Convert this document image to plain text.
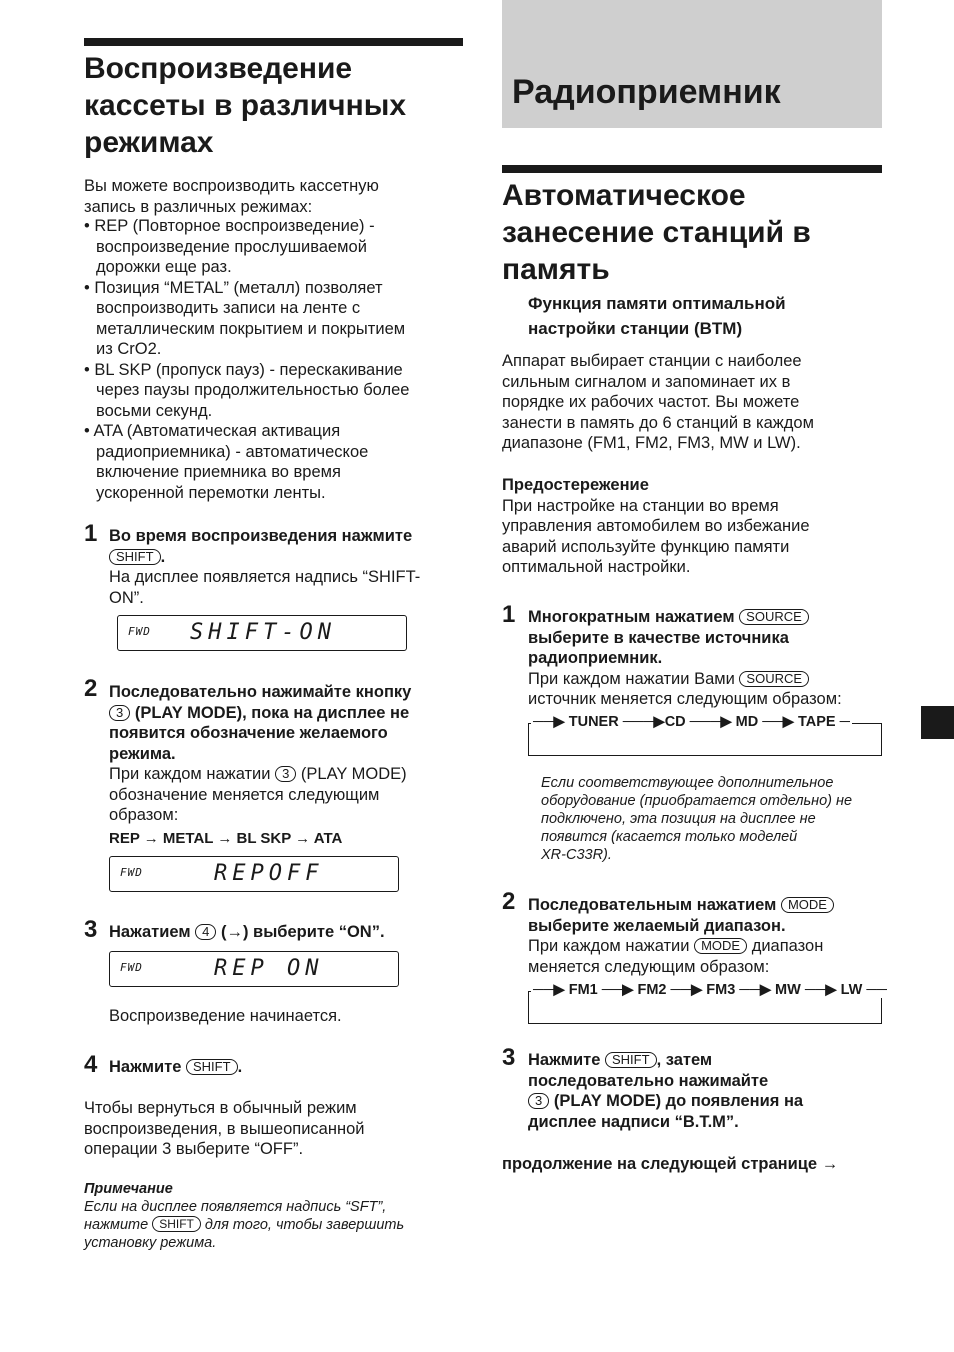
Воспроизведение
кассеты в различных
режимах
Вы можете воспроизводить кассетную
запись в различных режимах:
• REP (Повторное воспроизведение) -
воспроизведение прослушиваемой
дорожки еще раз.
• Позиция “METAL” (металл) позволяет
воспроизводить записи на ленте с
металлическим покрытием и покрытием
из CrO2.
• BL SKP (пропуск пауз) - перескакивание
через паузы продолжительностью более
восьми секунд.
• ATA (Автоматическая активация
радиоприемника) - автоматическое
включение приемника во время
ускоренной перемотки ленты.
1 Во время воспроизведения нажмите
SHIFT .
На дисплее появляется надпись “SHIFT-
ON”.
FWD SHIFT-ON
2 Последовательно нажимайте кнопку
3 (PLAY MODE), пока на дисплее не
появится обозначение желаемого
режима.
При каждом нажатии 3 (PLAY MODE)
обозначение меняется следующим
образом:
REP → METAL → BL SKP → ATA
FWD	REPOFF
3 Нажатием 4 (→) выберите “ON”.
FWD	REP ON
Воспроизведение начинается.
4 Нажмите SHIFT .
Чтобы вернуться в обычный режим
воспроизведения, в вышеописанной
операции 3 выберите “OFF”.
Примечание
Если на дисплее появляется надпись “SFT”,
нажмите SHIFT для того, чтобы завершить
установку режима.
Радиоприемник
Автоматическое
занесение станций в
память
Функция памяти оптимальной
настройки станции (BTM)
Аппарат выбирает станции с наиболее
сильным сигналом и запоминает их в
порядке их рабочих частот. Вы можете
занести в память до 6 станций в каждом
диапазоне (FM1, FM2, FM3, MW и LW).
Предостережение
При настройке на станции во время
управления автомобилем во избежание
аварий используйте функцию памяти
оптимальной настройки.
1 Многократным нажатием SOURCE
выберите в качестве источника
радиоприемник.
При каждом нажатии Вами SOURCE
источник меняется следующим образом:
──▶ TUNER ───▶CD ───▶ MD ──▶ TAPE ─
Если соответствующее дополнительное
оборудование (приобратается отдельно) не
подключено, эта позиция на дисплее не
появится (касается только моделей
XR-C33R).
2 Последовательным нажатием MODE
выберите желаемый диапазон.
При каждом нажатии MODE диапазон
меняется следующим образом:
──▶ FM1 ──▶ FM2 ──▶ FM3 ──▶ MW ──▶ LW ──
3 Нажмите SHIFT , затем
последовательно нажимайте
3 (PLAY MODE) до появления на
дисплее надписи “B.T.M”.
продолжение на следующей странице →
